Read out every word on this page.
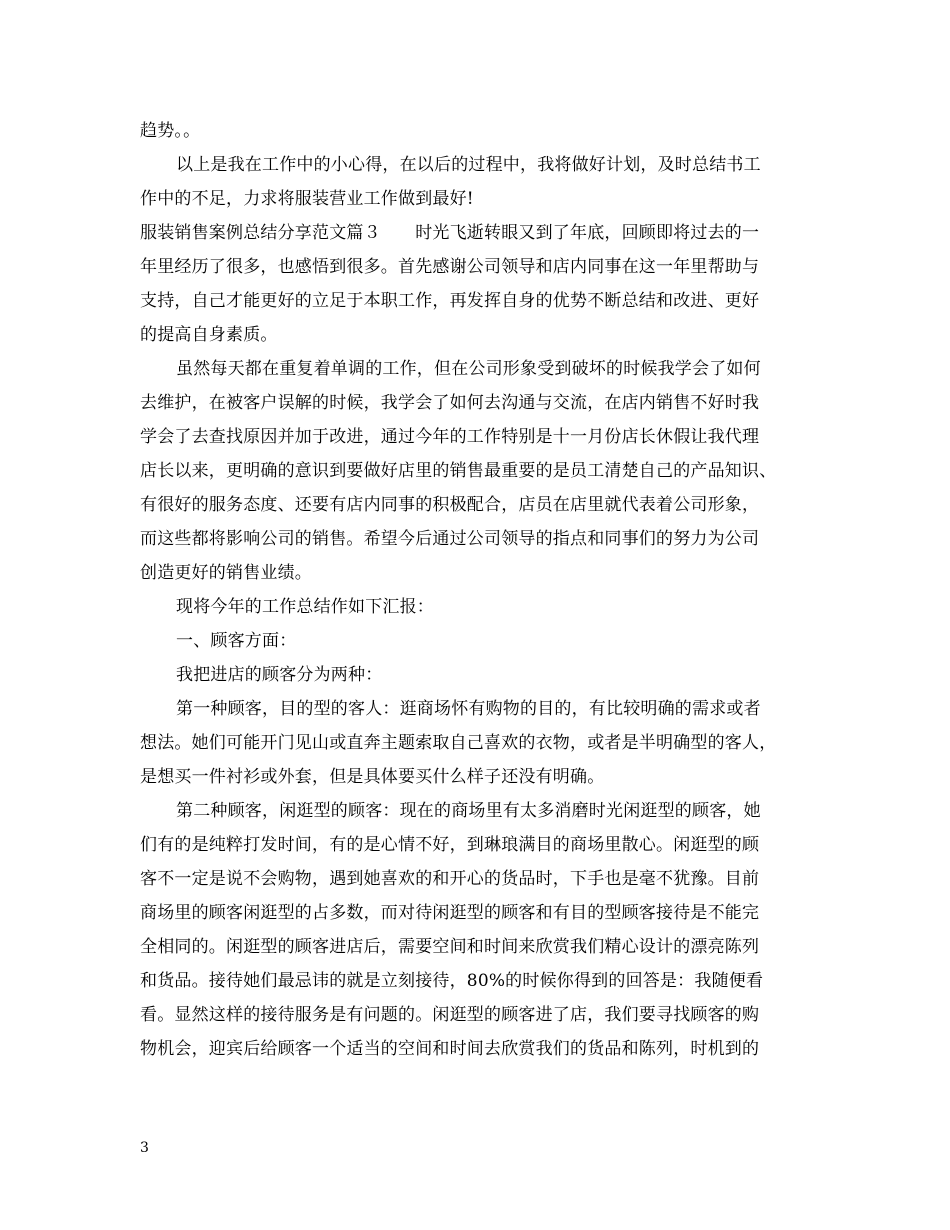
趋势。。
以上是我在工作中的小心得，在以后的过程中，我将做好计划，及时总结书工
作中的不足，力求将服装营业工作做到最好!
服装销售案例总结分享范文篇３　　时光飞逝转眼又到了年底，回顾即将过去的一
年里经历了很多，也感悟到很多。首先感谢公司领导和店内同事在这一年里帮助与
支持，自己才能更好的立足于本职工作，再发挥自身的优势不断总结和改进、更好
的提高自身素质。
虽然每天都在重复着单调的工作，但在公司形象受到破坏的时候我学会了如何
去维护，在被客户误解的时候，我学会了如何去沟通与交流，在店内销售不好时我
学会了去查找原因并加于改进，通过今年的工作特别是十一月份店长休假让我代理
店长以来，更明确的意识到要做好店里的销售最重要的是员工清楚自己的产品知识、
有很好的服务态度、还要有店内同事的积极配合，店员在店里就代表着公司形象，
而这些都将影响公司的销售。希望今后通过公司领导的指点和同事们的努力为公司
创造更好的销售业绩。
现将今年的工作总结作如下汇报：
一、顾客方面：
我把进店的顾客分为两种：
第一种顾客，目的型的客人：逛商场怀有购物的目的，有比较明确的需求或者
想法。她们可能开门见山或直奔主题索取自己喜欢的衣物，或者是半明确型的客人，
是想买一件衬衫或外套，但是具体要买什么样子还没有明确。
第二种顾客，闲逛型的顾客：现在的商场里有太多消磨时光闲逛型的顾客，她
们有的是纯粹打发时间，有的是心情不好，到琳琅满目的商场里散心。闲逛型的顾
客不一定是说不会购物，遇到她喜欢的和开心的货品时，下手也是毫不犹豫。目前
商场里的顾客闲逛型的占多数，而对待闲逛型的顾客和有目的型顾客接待是不能完
全相同的。闲逛型的顾客进店后，需要空间和时间来欣赏我们精心设计的漂亮陈列
和货品。接待她们最忌讳的就是立刻接待，80%的时候你得到的回答是：我随便看
看。显然这样的接待服务是有问题的。闲逛型的顾客进了店，我们要寻找顾客的购
物机会，迎宾后给顾客一个适当的空间和时间去欣赏我们的货品和陈列，时机到的
3
